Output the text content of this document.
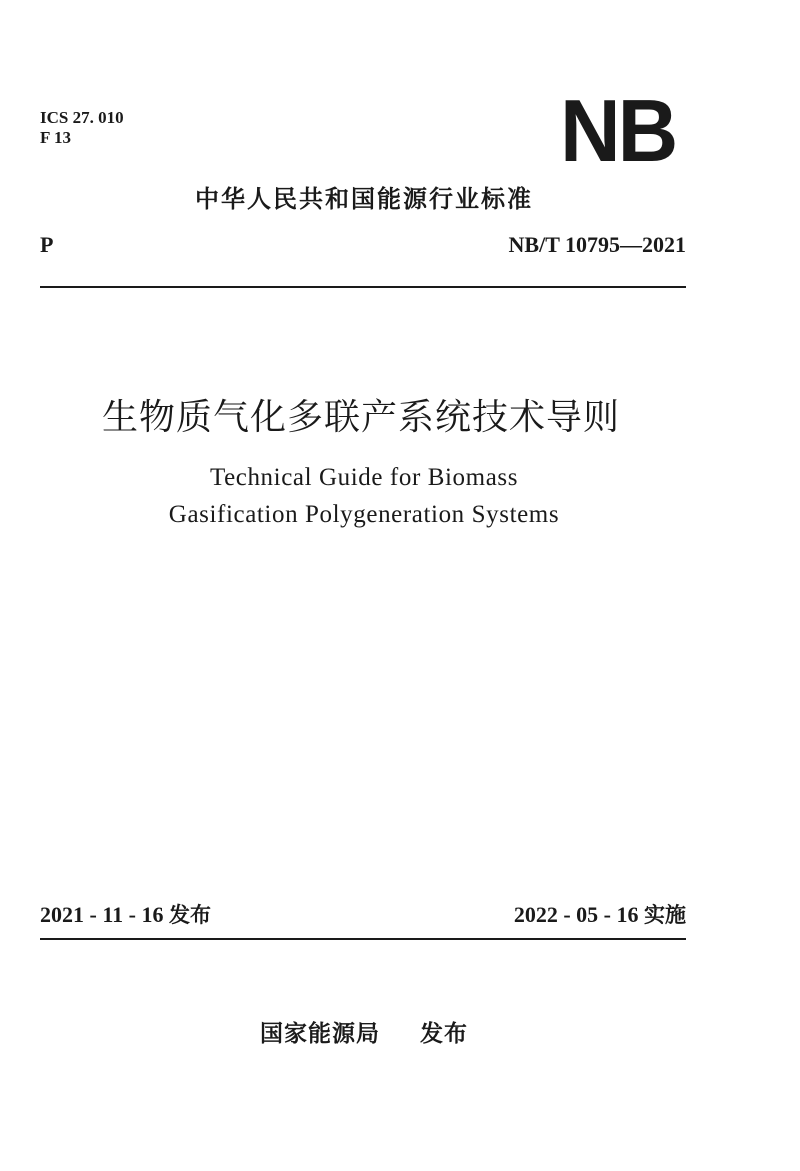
ICS 27. 010
F 13	NB
中华人民共和国能源行业标准
P	NB/T 10795—2021
生物质气化多联产系统技术导则
Technical Guide for Biomass
Gasification Polygeneration Systems
2021 - 11 - 16 发布	2022 - 05 - 16 实施
国家能源局 发布
